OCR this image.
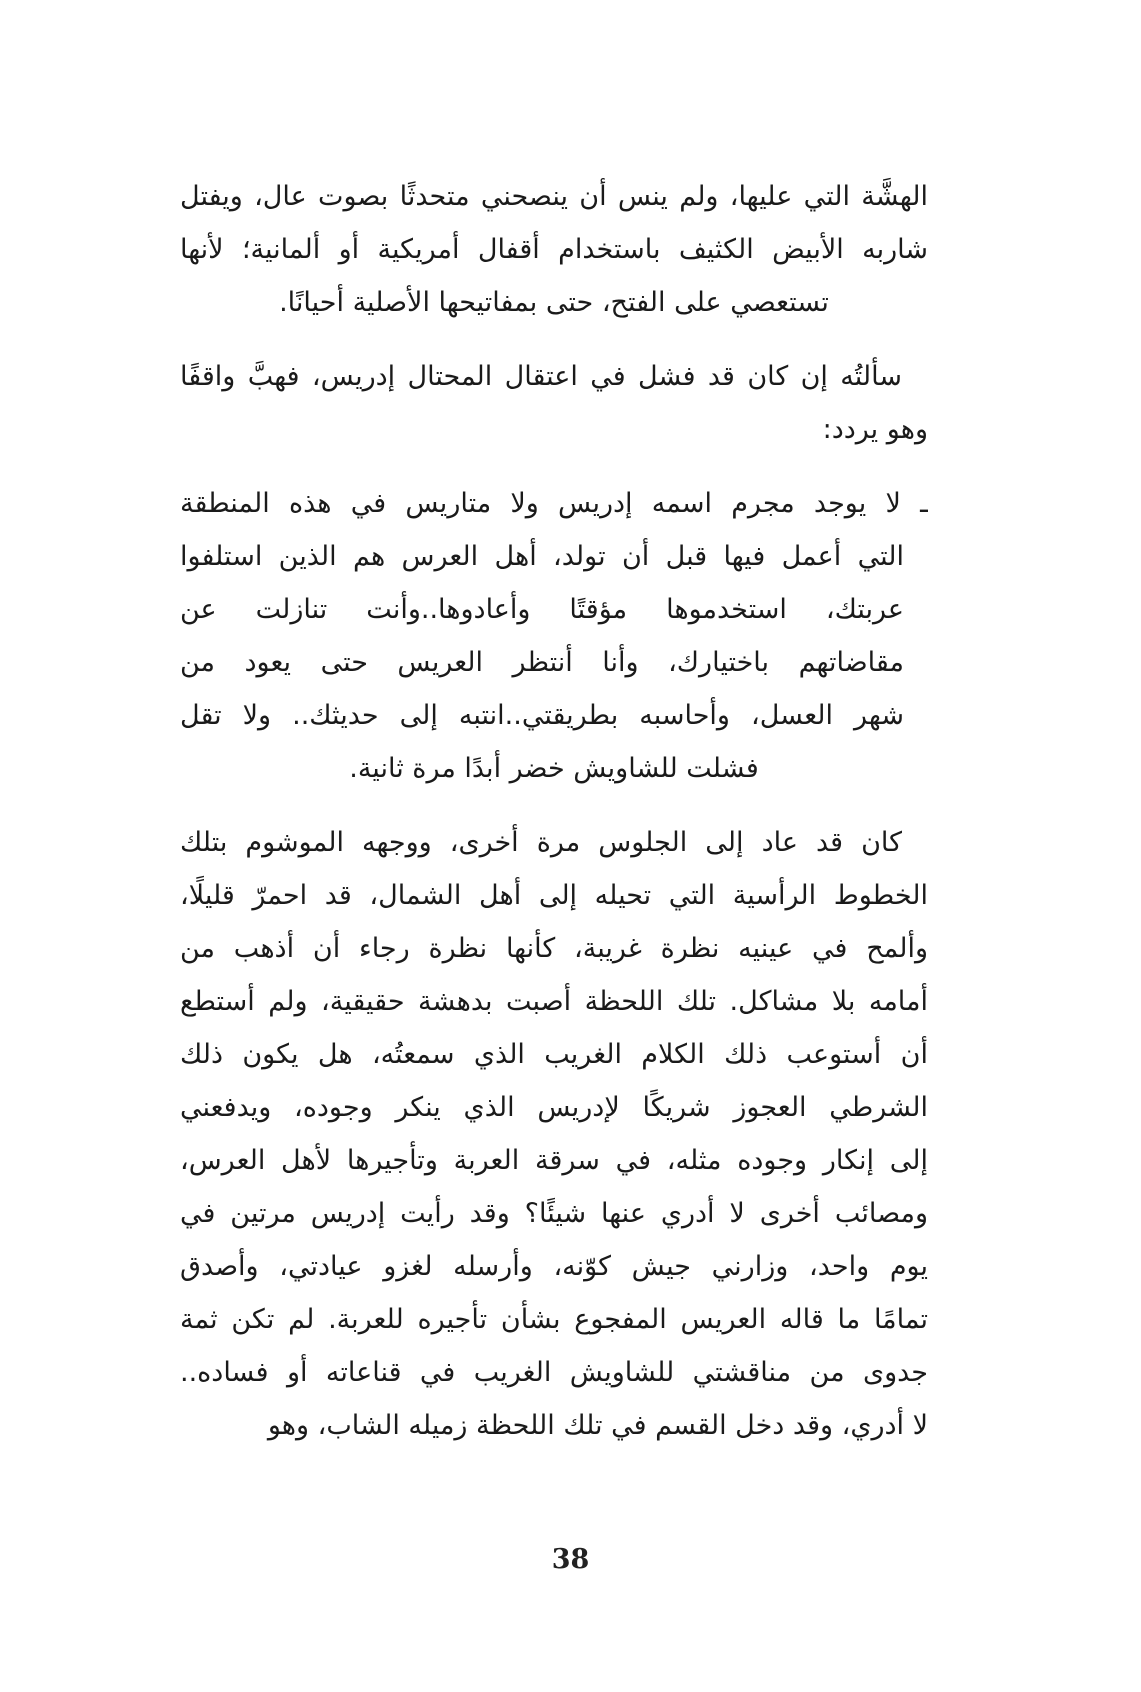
الهشَّة التي عليها، ولم ينس أن ينصحني متحدثًا بصوت عال، ويفتل
شاربه الأبيض الكثيف باستخدام أقفال أمريكية أو ألمانية؛ لأنها
تستعصي على الفتح، حتى بمفاتيحها الأصلية أحيانًا.
سألتُه إن كان قد فشل في اعتقال المحتال إدريس، فهبَّ واقفًا
وهو يردد:
ـ لا يوجد مجرم اسمه إدريس ولا متاريس في هذه المنطقة
التي أعمل فيها قبل أن تولد، أهل العرس هم الذين استلفوا
عربتك، استخدموها مؤقتًا وأعادوها..وأنت تنازلت عن
مقاضاتهم باختيارك، وأنا أنتظر العريس حتى يعود من
شهر العسل، وأحاسبه بطريقتي..انتبه إلى حديثك.. ولا تقل
فشلت للشاويش خضر أبدًا مرة ثانية.
كان قد عاد إلى الجلوس مرة أخرى، ووجهه الموشوم بتلك
الخطوط الرأسية التي تحيله إلى أهل الشمال، قد احمرّ قليلًا،
وألمح في عينيه نظرة غريبة، كأنها نظرة رجاء أن أذهب من
أمامه بلا مشاكل. تلك اللحظة أصبت بدهشة حقيقية، ولم أستطع
أن أستوعب ذلك الكلام الغريب الذي سمعتُه، هل يكون ذلك
الشرطي العجوز شريكًا لإدريس الذي ينكر وجوده، ويدفعني
إلى إنكار وجوده مثله، في سرقة العربة وتأجيرها لأهل العرس،
ومصائب أخرى لا أدري عنها شيئًا؟ وقد رأيت إدريس مرتين في
يوم واحد، وزارني جيش كوّنه، وأرسله لغزو عيادتي، وأصدق
تمامًا ما قاله العريس المفجوع بشأن تأجيره للعربة. لم تكن ثمة
جدوى من مناقشتي للشاويش الغريب في قناعاته أو فساده..
لا أدري، وقد دخل القسم في تلك اللحظة زميله الشاب، وهو
38
